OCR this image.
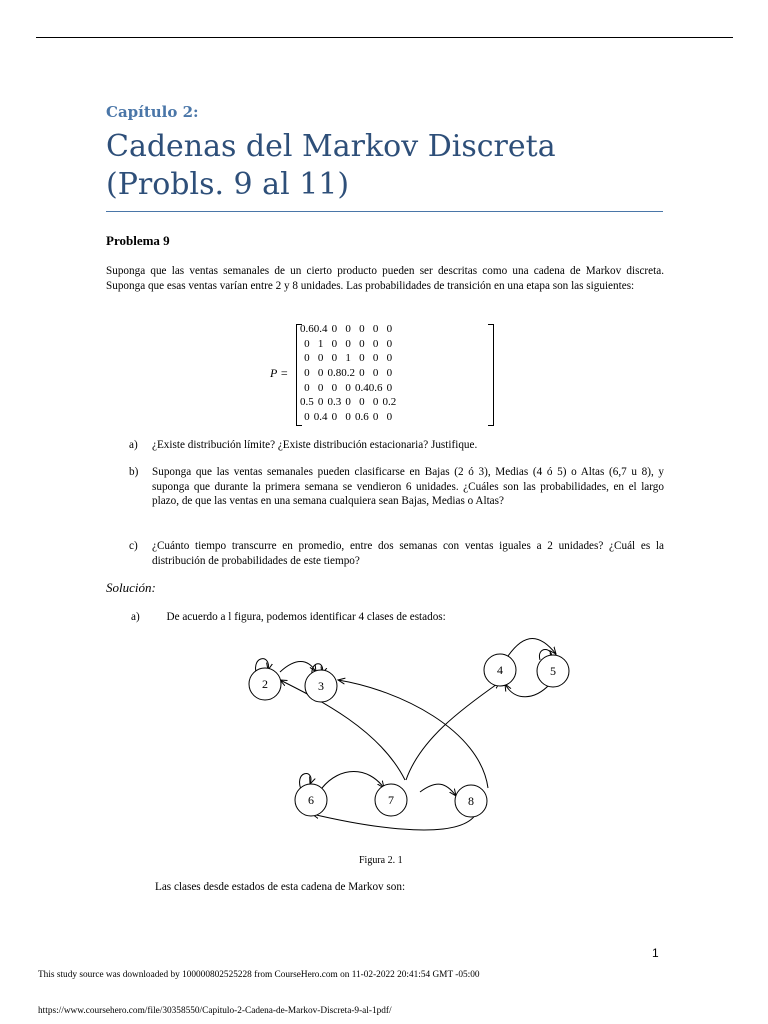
Capítulo 2:
Cadenas del Markov Discreta (Probls. 9 al 11)
Problema 9

Suponga que las ventas semanales de un cierto producto pueden ser descritas como una cadena de Markov discreta. Suponga que esas ventas varían entre 2 y 8 unidades. Las probabilidades de transición en una etapa son las siguientes:

P =
0.6	0.4	0	0	0	0	0
0	1	0	0	0	0	0
0	0	0	1	0	0	0
0	0	0.8	0.2	0	0	0
0	0	0	0	0.4	0.6	0
0.5	0	0.3	0	0	0	0.2
0	0.4	0	0	0.6	0	0
a) ¿Existe distribución límite? ¿Existe distribución estacionaria? Justifique.
b) Suponga que las ventas semanales pueden clasificarse en Bajas (2 ó 3), Medias (4 ó 5) o Altas (6,7 u 8), y suponga que durante la primera semana se vendieron 6 unidades. ¿Cuáles son las probabilidades, en el largo plazo, de que las ventas en una semana cualquiera sean Bajas, Medias o Altas?
c) ¿Cuánto tiempo transcurre en promedio, entre dos semanas con ventas iguales a 2 unidades? ¿Cuál es la distribución de probabilidades de este tiempo?
Solución:
a) De acuerdo a l figura, podemos identificar 4 clases de estados:
2	3
4	5
6	7	8
Figura 2. 1
Las clases desde estados de esta cadena de Markov son:
1
This study source was downloaded by 100000802525228 from CourseHero.com on 11-02-2022 20:41:54 GMT -05:00
https://www.coursehero.com/file/30358550/Capitulo-2-Cadena-de-Markov-Discreta-9-al-1pdf/
